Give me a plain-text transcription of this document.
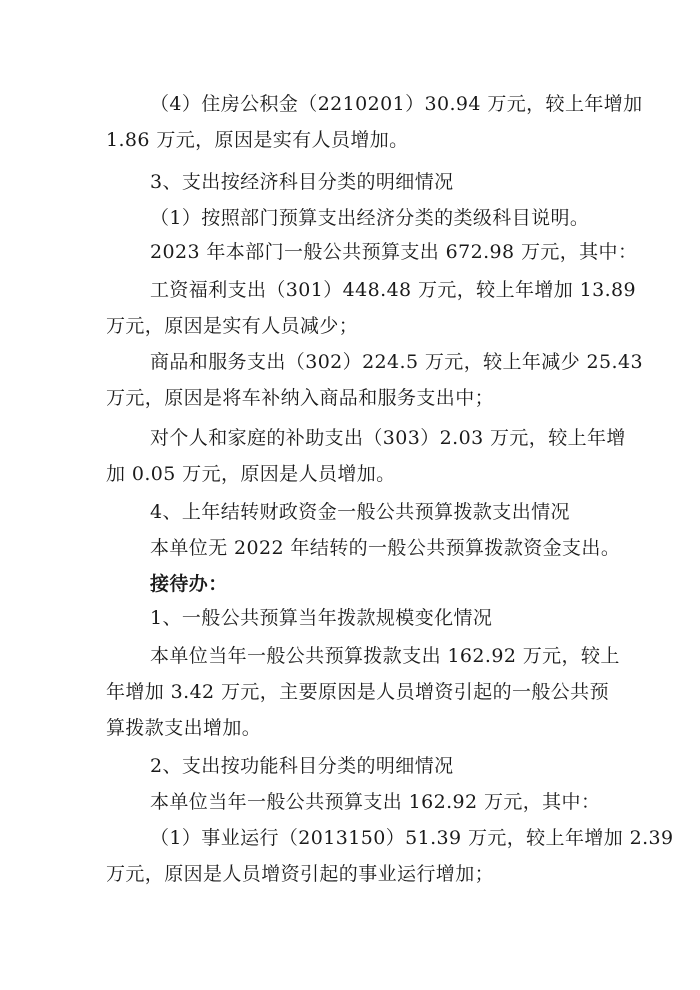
（4）住房公积金（2210201）30.94 万元，较上年增加
1.86 万元，原因是实有人员增加。
3、支出按经济科目分类的明细情况
（1）按照部门预算支出经济分类的类级科目说明。
2023 年本部门一般公共预算支出 672.98 万元，其中：
工资福利支出（301）448.48 万元，较上年增加 13.89
万元，原因是实有人员减少；
商品和服务支出（302）224.5 万元，较上年减少 25.43
万元，原因是将车补纳入商品和服务支出中；
对个人和家庭的补助支出（303）2.03 万元，较上年增
加 0.05 万元，原因是人员增加。
4、上年结转财政资金一般公共预算拨款支出情况
本单位无 2022 年结转的一般公共预算拨款资金支出。
接待办：
1、一般公共预算当年拨款规模变化情况
本单位当年一般公共预算拨款支出 162.92 万元，较上
年增加 3.42 万元，主要原因是人员增资引起的一般公共预
算拨款支出增加。
2、支出按功能科目分类的明细情况
本单位当年一般公共预算支出 162.92 万元，其中：
（1）事业运行（2013150）51.39 万元，较上年增加 2.39
万元，原因是人员增资引起的事业运行增加；
